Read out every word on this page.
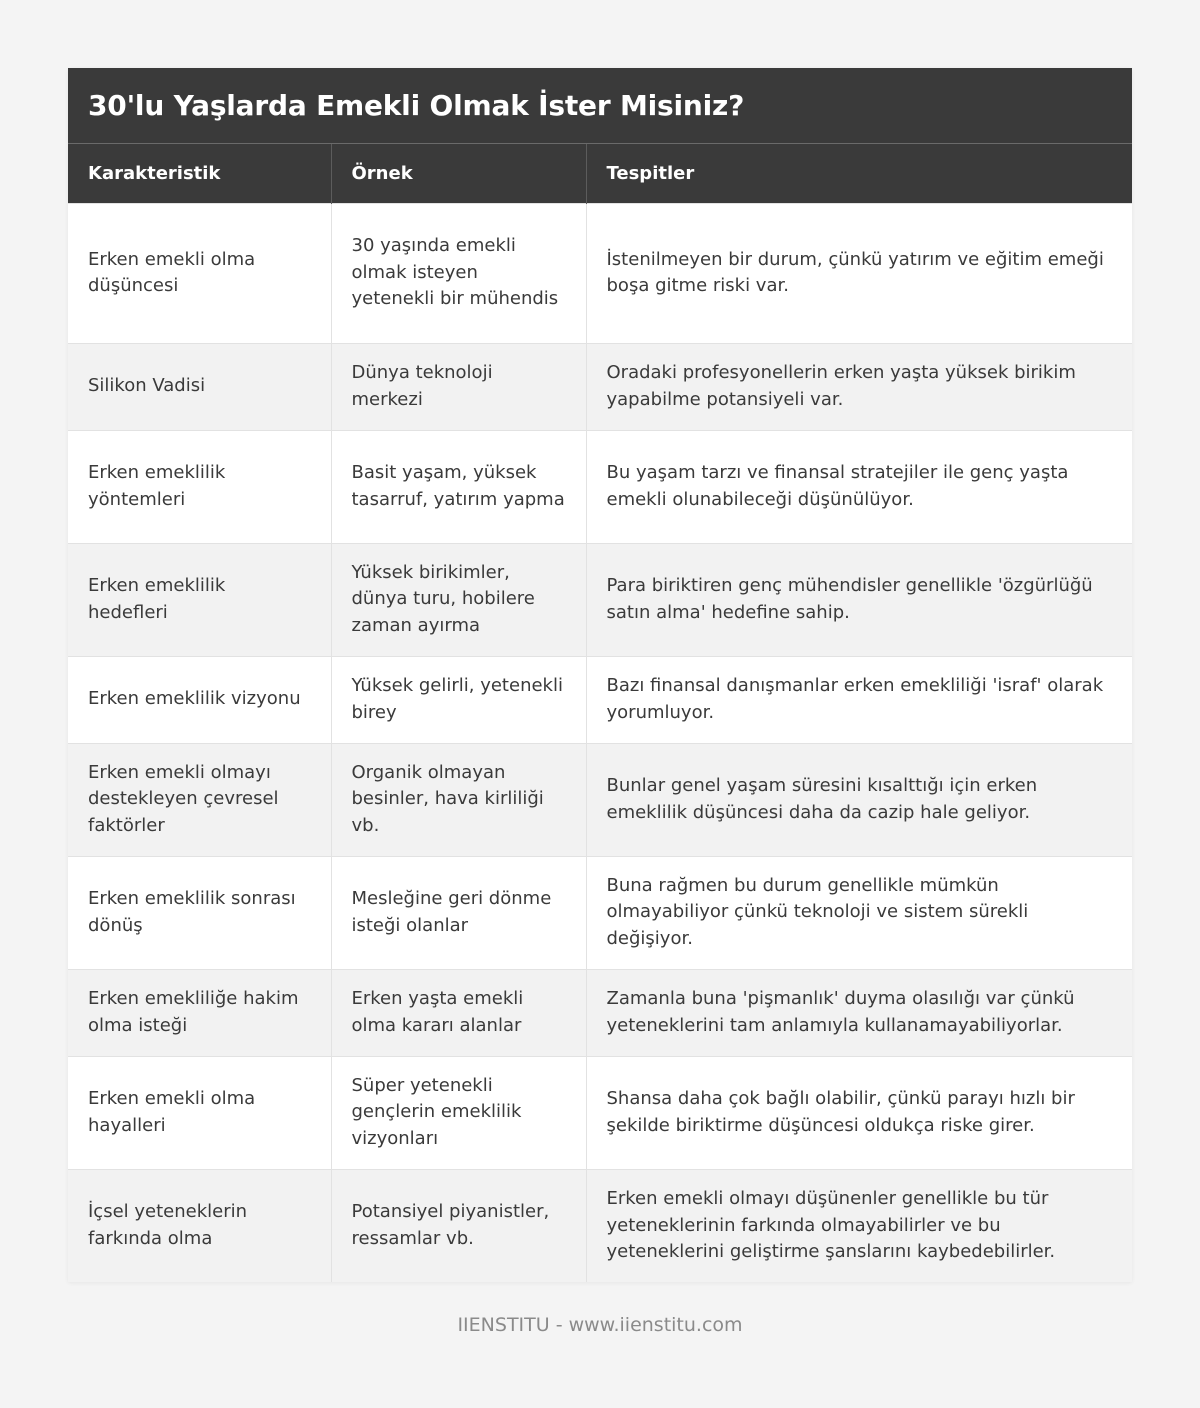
30'lu Yaşlarda Emekli Olmak İster Misiniz?
Karakteristik	Örnek	Tespitler
Erken emekli olma düşüncesi	30 yaşında emekli olmak isteyen yetenekli bir mühendis	İstenilmeyen bir durum, çünkü yatırım ve eğitim emeği boşa gitme riski var.
Silikon Vadisi	Dünya teknoloji merkezi	Oradaki profesyonellerin erken yaşta yüksek birikim yapabilme potansiyeli var.
Erken emeklilik yöntemleri	Basit yaşam, yüksek tasarruf, yatırım yapma	Bu yaşam tarzı ve finansal stratejiler ile genç yaşta emekli olunabileceği düşünülüyor.
Erken emeklilik hedefleri	Yüksek birikimler, dünya turu, hobilere zaman ayırma	Para biriktiren genç mühendisler genellikle 'özgürlüğü satın alma' hedefine sahip.
Erken emeklilik vizyonu	Yüksek gelirli, yetenekli birey	Bazı finansal danışmanlar erken emekliliği 'israf' olarak yorumluyor.
Erken emekli olmayı destekleyen çevresel faktörler	Organik olmayan besinler, hava kirliliği vb.	Bunlar genel yaşam süresini kısalttığı için erken emeklilik düşüncesi daha da cazip hale geliyor.
Erken emeklilik sonrası dönüş	Mesleğine geri dönme isteği olanlar	Buna rağmen bu durum genellikle mümkün olmayabiliyor çünkü teknoloji ve sistem sürekli değişiyor.
Erken emekliliğe hakim olma isteği	Erken yaşta emekli olma kararı alanlar	Zamanla buna 'pişmanlık' duyma olasılığı var çünkü yeteneklerini tam anlamıyla kullanamayabiliyorlar.
Erken emekli olma hayalleri	Süper yetenekli gençlerin emeklilik vizyonları	Shansa daha çok bağlı olabilir, çünkü parayı hızlı bir şekilde biriktirme düşüncesi oldukça riske girer.
İçsel yeteneklerin farkında olma	Potansiyel piyanistler, ressamlar vb.	Erken emekli olmayı düşünenler genellikle bu tür yeteneklerinin farkında olmayabilirler ve bu yeteneklerini geliştirme şanslarını kaybedebilirler.
IIENSTITU - www.iienstitu.com
